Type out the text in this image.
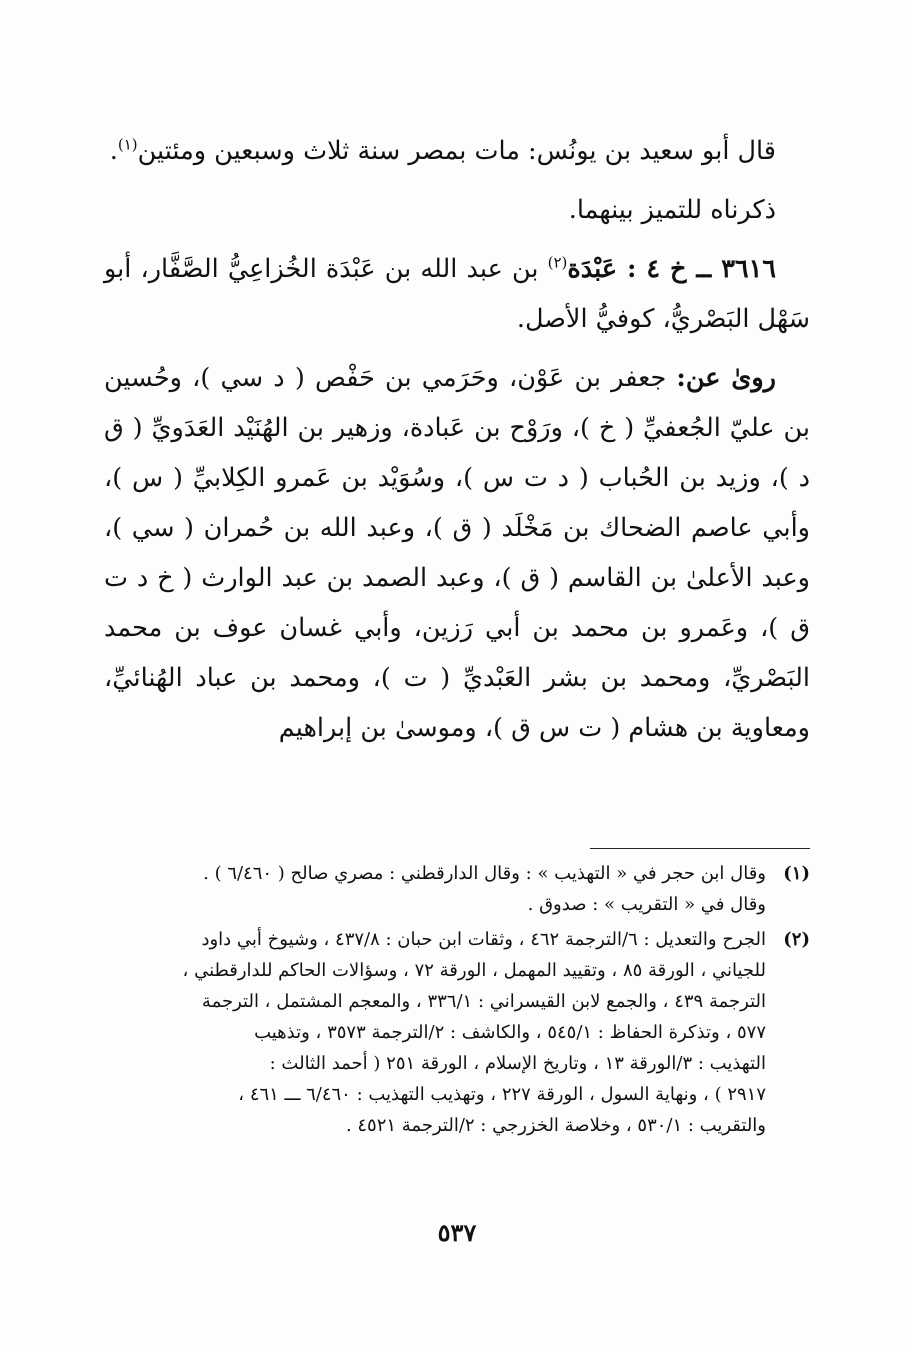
قال أبو سعيد بن يونُس: مات بمصر سنة ثلاث وسبعين ومئتين$^{(١)}$.

ذكرناه للتميز بينهما.

٣٦١٦ ــ خ ٤ : عَبْدَة$^{(٢)}$ بن عبد الله بن عَبْدَة الخُزاعِيُّ الصَّفَّار، أبو سَهْل البَصْريُّ، كوفيُّ الأصل.

روىٰ عن: جعفر بن عَوْن، وحَرَمي بن حَفْص ( د سي )، وحُسين بن عليّ الجُعفيِّ ( خ )، ورَوْح بن عَبادة، وزهير بن الهُنَيْد العَدَويِّ ( ق د )، وزيد بن الحُباب ( د ت س )، وسُوَيْد بن عَمرو الكِلابيِّ ( س )، وأبي عاصم الضحاك بن مَخْلَد ( ق )، وعبد الله بن حُمران ( سي )، وعبد الأعلىٰ بن القاسم ( ق )، وعبد الصمد بن عبد الوارث ( خ د ت ق )، وعَمرو بن محمد بن أبي رَزين، وأبي غسان عوف بن محمد البَصْريِّ، ومحمد بن بشر العَبْديِّ ( ت )، ومحمد بن عباد الهُنائيِّ، ومعاوية بن هشام ( ت س ق )، وموسىٰ بن إبراهيم

(١)
وقال ابن حجر في « التهذيب » : وقال الدارقطني : مصري صالح ( ٦/٤٦٠ ) .
وقال في « التقريب » : صدوق .
(٢)
الجرح والتعديل : ٦/الترجمة ٤٦٢ ، وثقات ابن حبان : ٤٣٧/٨ ، وشيوخ أبي داود
للجياني ، الورقة ٨٥ ، وتقييد المهمل ، الورقة ٧٢ ، وسؤالات الحاكم للدارقطني ،
الترجمة ٤٣٩ ، والجمع لابن القيسراني : ٣٣٦/١ ، والمعجم المشتمل ، الترجمة
٥٧٧ ، وتذكرة الحفاظ : ٥٤٥/١ ، والكاشف : ٢/الترجمة ٣٥٧٣ ، وتذهيب
التهذيب : ٣/الورقة ١٣ ، وتاريخ الإسلام ، الورقة ٢٥١ ( أحمد الثالث :
٢٩١٧ ) ، ونهاية السول ، الورقة ٢٢٧ ، وتهذيب التهذيب : ٦/٤٦٠ ـــ ٤٦١ ،
والتقريب : ٥٣٠/١ ، وخلاصة الخزرجي : ٢/الترجمة ٤٥٢١ .
٥٣٧
